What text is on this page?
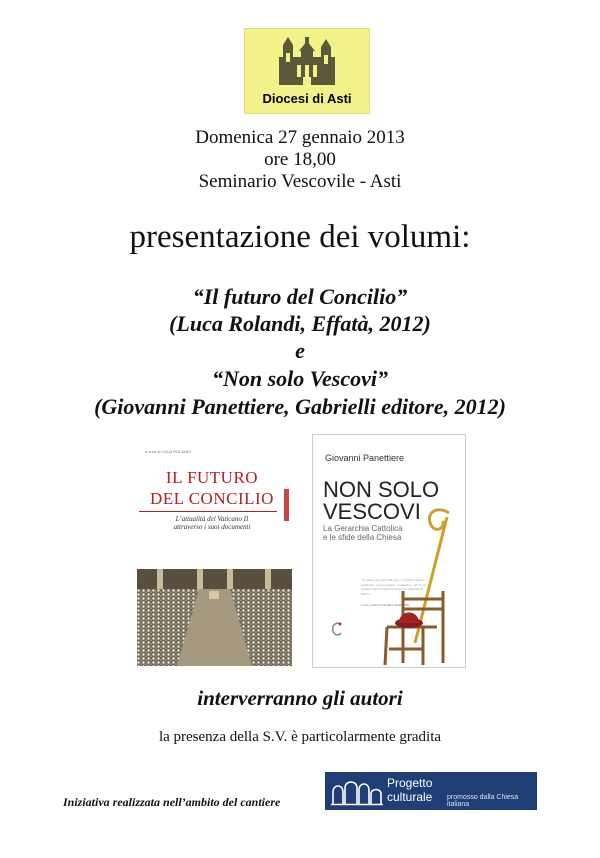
Diocesi di Asti
Domenica 27 gennaio 2013
ore 18,00
Seminario Vescovile - Asti
presentazione dei volumi:
“Il futuro del Concilio”
(Luca Rolandi, Effatà, 2012)
e
“Non solo Vescovi”
(Giovanni Panettiere, Gabrielli editore, 2012)
a cura di LUCA ROLANDI
IL FUTURO
DEL CONCILIO
L’attualità del Vaticano II
attraverso i suoi documenti
Giovanni Panettiere
NON SOLO
VESCOVI
La Gerarchia Cattolica
e le sfide della Chiesa
“Il nome che qui si dà non è il nostro modo a giudicare, a pesa/amare, «cattolico», di cui vo profetico dell’eretta contenuto il mancato di fedeli.”
Card. CARLO MARIA MARTINI
interverranno gli autori
la presenza della S.V. è particolarmente gradita
Iniziativa realizzata nell’ambito del cantiere
Progetto
culturale promosso dalla Chiesa italiana
